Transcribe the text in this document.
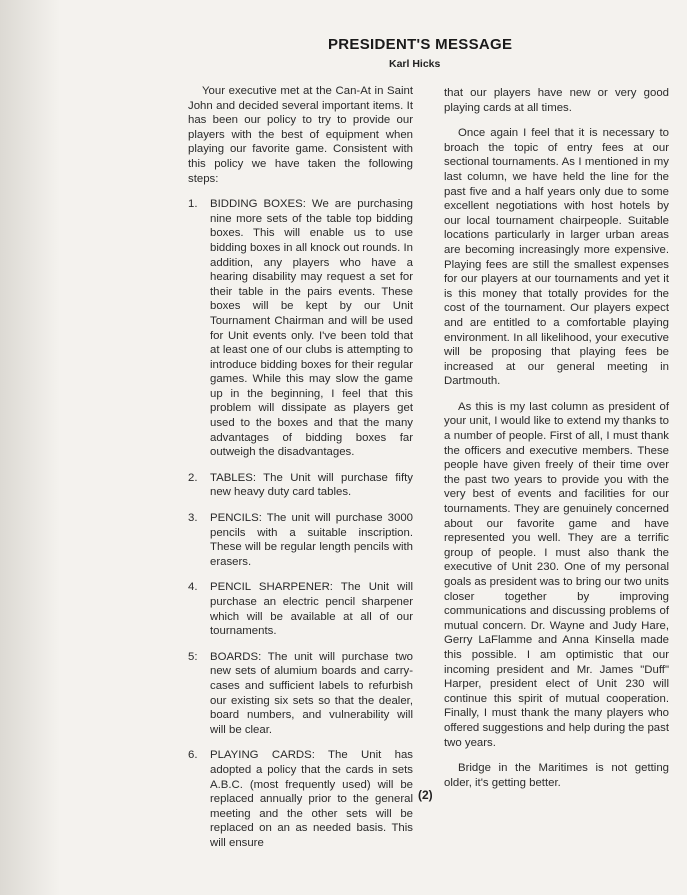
PRESIDENT'S MESSAGE
Karl Hicks

Your executive met at the Can-At in Saint John and decided several important items. It has been our policy to try to provide our players with the best of equipment when playing our favorite game. Consistent with this policy we have taken the following steps:

1. BIDDING BOXES: We are purchasing nine more sets of the table top bidding boxes. This will enable us to use bidding boxes in all knock out rounds. In addition, any players who have a hearing disability may request a set for their table in the pairs events. These boxes will be kept by our Unit Tournament Chairman and will be used for Unit events only. I've been told that at least one of our clubs is attempting to introduce bidding boxes for their regular games. While this may slow the game up in the beginning, I feel that this problem will dissipate as players get used to the boxes and that the many advantages of bidding boxes far outweigh the disadvantages.
2. TABLES: The Unit will purchase fifty new heavy duty card tables.
3. PENCILS: The unit will purchase 3000 pencils with a suitable inscription. These will be regular length pencils with erasers.
4. PENCIL SHARPENER: The Unit will purchase an electric pencil sharpener which will be available at all of our tournaments.
5: BOARDS: The unit will purchase two new sets of alumium boards and carry-cases and sufficient labels to refurbish our existing six sets so that the dealer, board numbers, and vulnerability will will be clear.
6. PLAYING CARDS: The Unit has adopted a policy that the cards in sets A.B.C. (most frequently used) will be replaced annually prior to the general meeting and the other sets will be replaced on an as needed basis. This will ensure

that our players have new or very good playing cards at all times.

Once again I feel that it is necessary to broach the topic of entry fees at our sectional tournaments. As I mentioned in my last column, we have held the line for the past five and a half years only due to some excellent negotiations with host hotels by our local tournament chairpeople. Suitable locations particularly in larger urban areas are becoming increasingly more expensive. Playing fees are still the smallest expenses for our players at our tournaments and yet it is this money that totally provides for the cost of the tournament. Our players expect and are entitled to a comfortable playing environment. In all likelihood, your executive will be proposing that playing fees be increased at our general meeting in Dartmouth.

As this is my last column as president of your unit, I would like to extend my thanks to a number of people. First of all, I must thank the officers and executive members. These people have given freely of their time over the past two years to provide you with the very best of events and facilities for our tournaments. They are genuinely concerned about our favorite game and have represented you well. They are a terrific group of people. I must also thank the executive of Unit 230. One of my personal goals as president was to bring our two units closer together by improving communications and discussing problems of mutual concern. Dr. Wayne and Judy Hare, Gerry LaFlamme and Anna Kinsella made this possible. I am optimistic that our incoming president and Mr. James "Duff" Harper, president elect of Unit 230 will continue this spirit of mutual cooperation. Finally, I must thank the many players who offered suggestions and help during the past two years.

Bridge in the Maritimes is not getting older, it's getting better.

(2)
